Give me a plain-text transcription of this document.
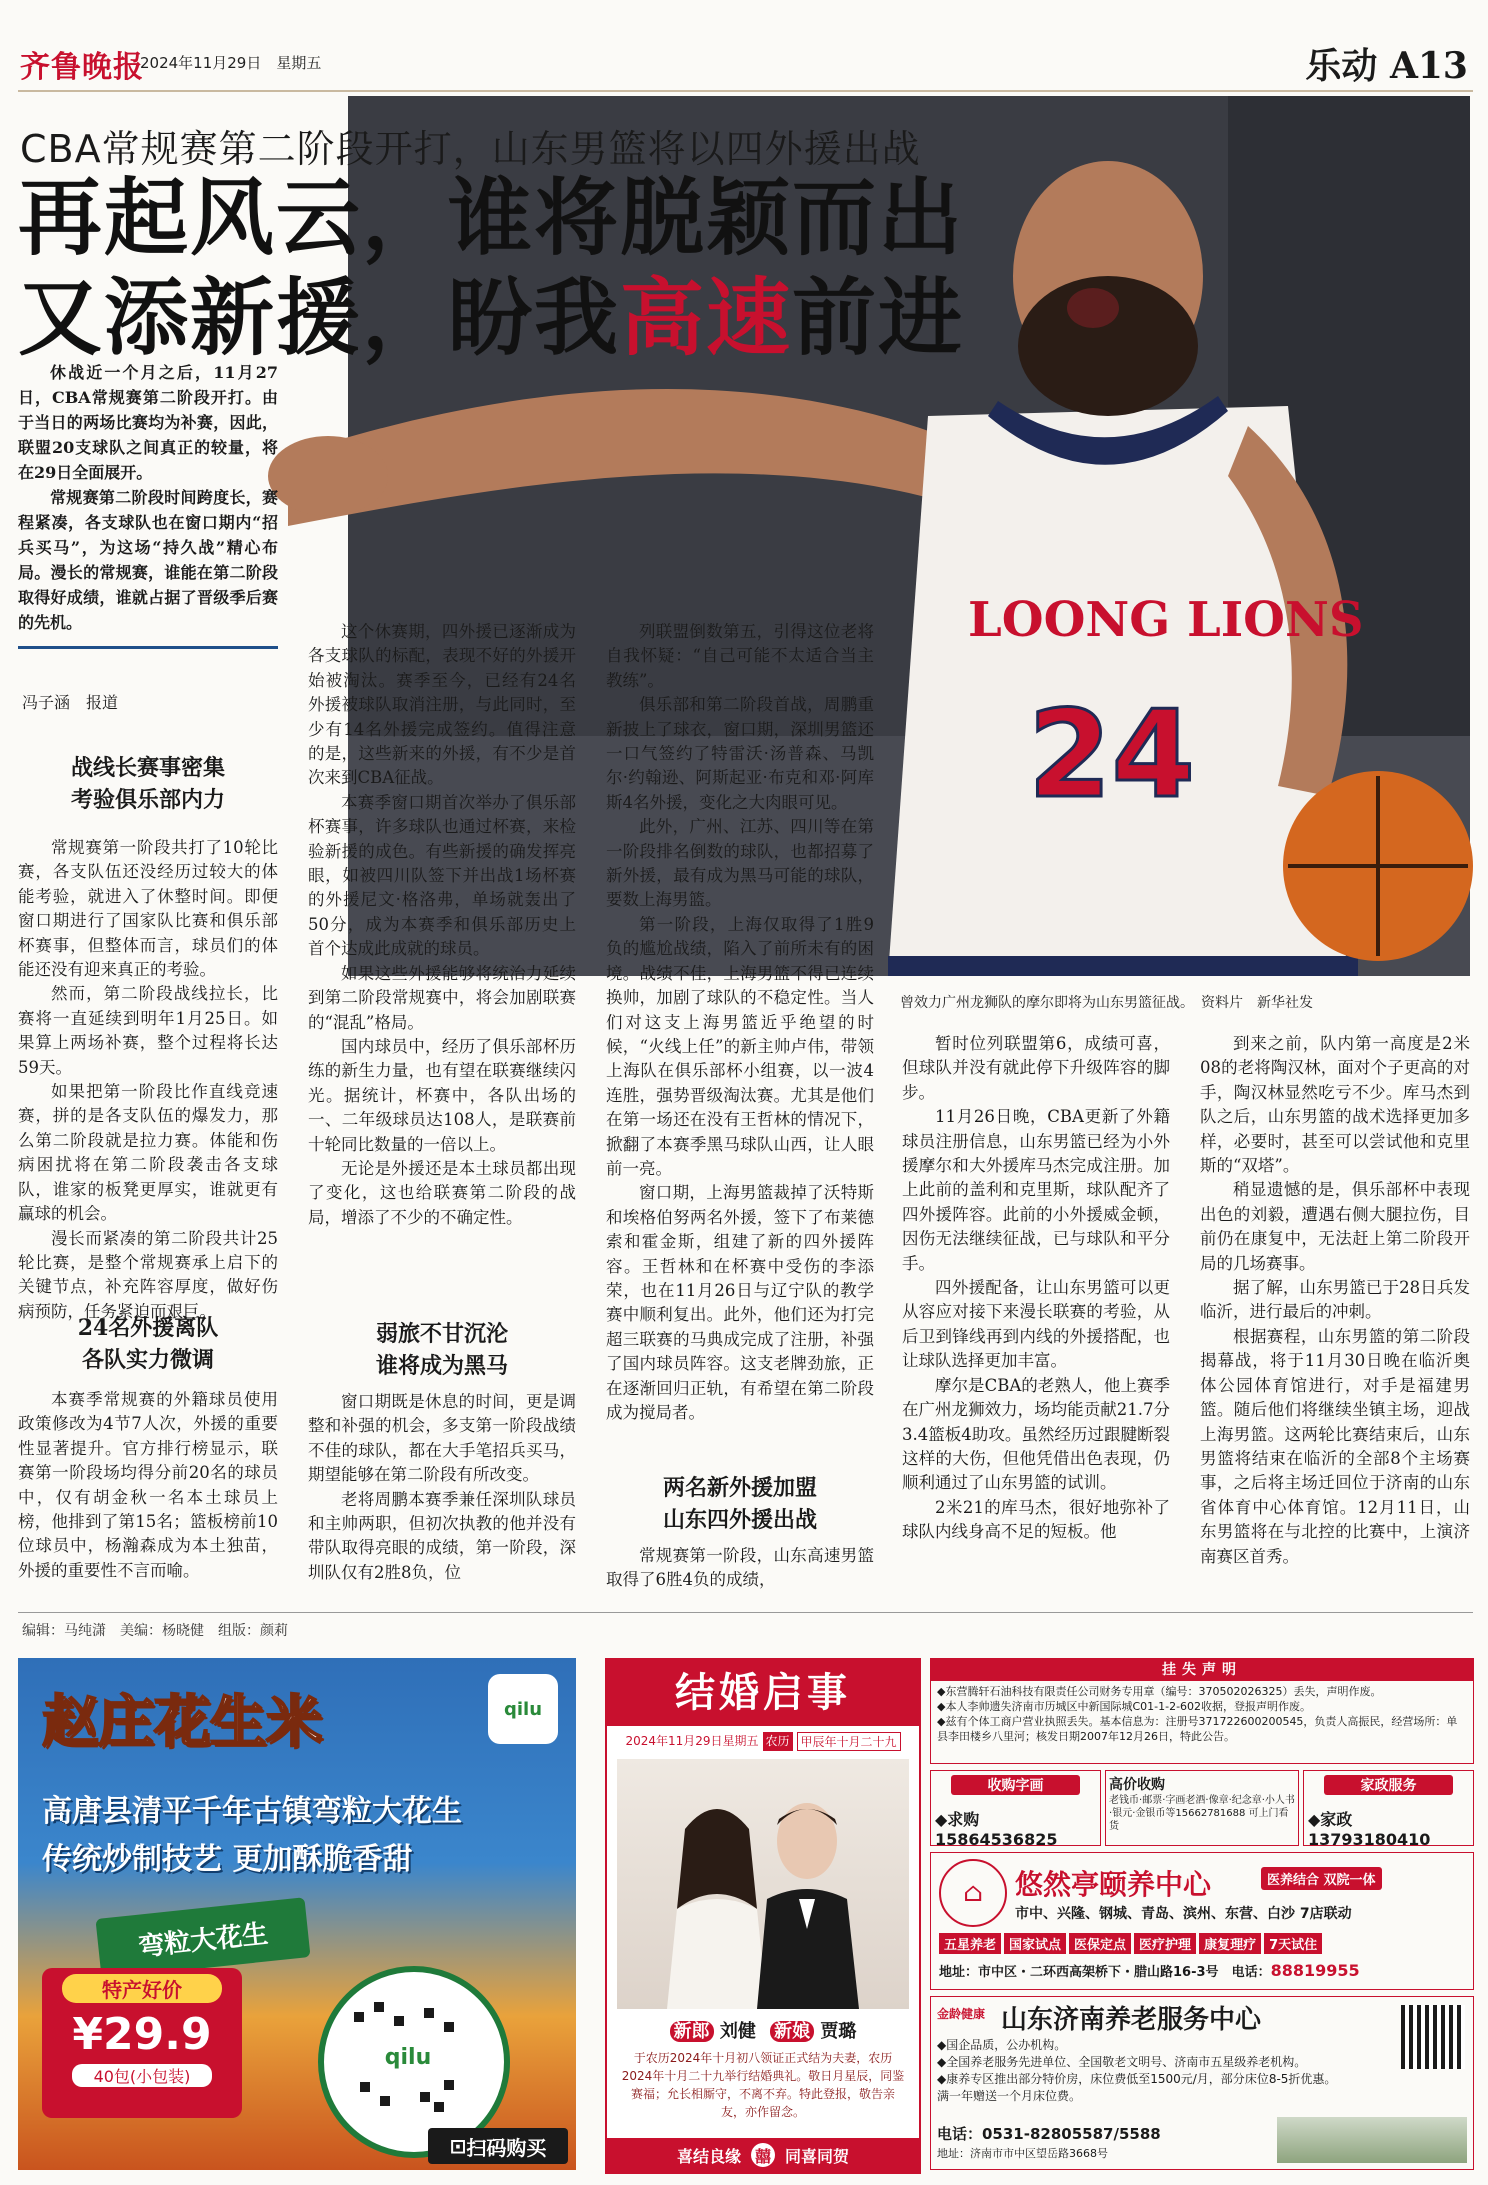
齐鲁晚报
2024年11月29日　 星期五	乐动 A13
LOONG LIONS
24
曾效力广州龙狮队的摩尔即将为山东男篮征战。　资料片　新华社发
CBA常规赛第二阶段开打，山东男篮将以四外援出战
再起风云，谁将脱颖而出
又添新援，盼我高速前进

休战近一个月之后，11月27日，CBA常规赛第二阶段开打。由于当日的两场比赛均为补赛，因此，联盟20支球队之间真正的较量，将在29日全面展开。

常规赛第二阶段时间跨度长，赛程紧凑，各支球队也在窗口期内“招兵买马”，为这场“持久战”精心布局。漫长的常规赛，谁能在第二阶段取得好成绩，谁就占据了晋级季后赛的先机。

冯子涵　报道
战线长赛事密集
考验俱乐部内力

常规赛第一阶段共打了10轮比赛，各支队伍还没经历过较大的体能考验，就进入了休整时间。即便窗口期进行了国家队比赛和俱乐部杯赛事，但整体而言，球员们的体能还没有迎来真正的考验。

然而，第二阶段战线拉长，比赛将一直延续到明年1月25日。如果算上两场补赛，整个过程将长达59天。

如果把第一阶段比作直线竞速赛，拼的是各支队伍的爆发力，那么第二阶段就是拉力赛。体能和伤病困扰将在第二阶段袭击各支球队，谁家的板凳更厚实，谁就更有赢球的机会。

漫长而紧凑的第二阶段共计25轮比赛，是整个常规赛承上启下的关键节点，补充阵容厚度，做好伤病预防，任务紧迫而艰巨。

24名外援离队
各队实力微调

本赛季常规赛的外籍球员使用政策修改为4节7人次，外援的重要性显著提升。官方排行榜显示，联赛第一阶段场均得分前20名的球员中，仅有胡金秋一名本土球员上榜，他排到了第15名；篮板榜前10位球员中，杨瀚森成为本土独苗，外援的重要性不言而喻。

这个休赛期，四外援已逐渐成为各支球队的标配，表现不好的外援开始被淘汰。赛季至今，已经有24名外援被球队取消注册，与此同时，至少有14名外援完成签约。值得注意的是，这些新来的外援，有不少是首次来到CBA征战。

本赛季窗口期首次举办了俱乐部杯赛事，许多球队也通过杯赛，来检验新援的成色。有些新援的确发挥亮眼，如被四川队签下并出战1场杯赛的外援尼文·格洛弗，单场就轰出了50分，成为本赛季和俱乐部历史上首个达成此成就的球员。

如果这些外援能够将统治力延续到第二阶段常规赛中，将会加剧联赛的“混乱”格局。

国内球员中，经历了俱乐部杯历练的新生力量，也有望在联赛继续闪光。据统计，杯赛中，各队出场的一、二年级球员达108人，是联赛前十轮同比数量的一倍以上。

无论是外援还是本土球员都出现了变化，这也给联赛第二阶段的战局，增添了不少的不确定性。

弱旅不甘沉沦
谁将成为黑马

窗口期既是休息的时间，更是调整和补强的机会，多支第一阶段战绩不佳的球队，都在大手笔招兵买马，期望能够在第二阶段有所改变。

老将周鹏本赛季兼任深圳队球员和主帅两职，但初次执教的他并没有带队取得亮眼的成绩，第一阶段，深圳队仅有2胜8负，位

列联盟倒数第五，引得这位老将自我怀疑：“自己可能不太适合当主教练”。

俱乐部和第二阶段首战，周鹏重新披上了球衣，窗口期，深圳男篮还一口气签约了特雷沃·汤普森、马凯尔·约翰逊、阿斯起亚·布克和邓·阿库斯4名外援，变化之大肉眼可见。

此外，广州、江苏、四川等在第一阶段排名倒数的球队，也都招募了新外援，最有成为黑马可能的球队，要数上海男篮。

第一阶段，上海仅取得了1胜9负的尴尬战绩，陷入了前所未有的困境。战绩不佳，上海男篮不得已连续换帅，加剧了球队的不稳定性。当人们对这支上海男篮近乎绝望的时候，“火线上任”的新主帅卢伟，带领上海队在俱乐部杯小组赛，以一波4连胜，强势晋级淘汰赛。尤其是他们在第一场还在没有王哲林的情况下，掀翻了本赛季黑马球队山西，让人眼前一亮。

窗口期，上海男篮裁掉了沃特斯和埃格伯努两名外援，签下了布莱德索和霍金斯，组建了新的四外援阵容。王哲林和在杯赛中受伤的李添荣，也在11月26日与辽宁队的教学赛中顺利复出。此外，他们还为打完超三联赛的马典成完成了注册，补强了国内球员阵容。这支老牌劲旅，正在逐渐回归正轨，有希望在第二阶段成为搅局者。

两名新外援加盟
山东四外援出战

常规赛第一阶段，山东高速男篮取得了6胜4负的成绩，

暂时位列联盟第6，成绩可喜，但球队并没有就此停下升级阵容的脚步。

11月26日晚，CBA更新了外籍球员注册信息，山东男篮已经为小外援摩尔和大外援库马杰完成注册。加上此前的盖利和克里斯，球队配齐了四外援阵容。此前的小外援威金顿，因伤无法继续征战，已与球队和平分手。

四外援配备，让山东男篮可以更从容应对接下来漫长联赛的考验，从后卫到锋线再到内线的外援搭配，也让球队选择更加丰富。

摩尔是CBA的老熟人，他上赛季在广州龙狮效力，场均能贡献21.7分3.4篮板4助攻。虽然经历过跟腱断裂这样的大伤，但他凭借出色表现，仍顺利通过了山东男篮的试训。

2米21的库马杰，很好地弥补了球队内线身高不足的短板。他

到来之前，队内第一高度是2米08的老将陶汉林，面对个子更高的对手，陶汉林显然吃亏不少。库马杰到队之后，山东男篮的战术选择更加多样，必要时，甚至可以尝试他和克里斯的“双塔”。

稍显遗憾的是，俱乐部杯中表现出色的刘毅，遭遇右侧大腿拉伤，目前仍在康复中，无法赶上第二阶段开局的几场赛事。

据了解，山东男篮已于28日兵发临沂，进行最后的冲刺。

根据赛程，山东男篮的第二阶段揭幕战，将于11月30日晚在临沂奥体公园体育馆进行，对手是福建男篮。随后他们将继续坐镇主场，迎战上海男篮。这两轮比赛结束后，山东男篮将结束在临沂的全部8个主场赛事，之后将主场迁回位于济南的山东省体育中心体育馆。12月11日，山东男篮将在与北控的比赛中，上演济南赛区首秀。

编辑：马纯潇　美编：杨晓健　组版：颜莉
赵庄花生米	qilu
高唐县清平千年古镇弯粒大花生
传统炒制技艺 更加酥脆香甜
弯粒大花生
特产好价
¥29.9
40包(小包装)
qilu
⊡ 扫码购买
结婚启事
2024年11月29日星期五 农历 甲辰年十月二十九
新郎 刘健 新娘 贾璐
于农历2024年十月初八领证正式结为夫妻，农历2024年十月二十九举行结婚典礼。敬日月星辰，同鉴赛福；允长相厮守，不离不弃。特此登报，敬告亲友，亦作留念。
喜结良缘 囍 同喜同贺
挂失声明
◆东营腾轩石油科技有限责任公司财务专用章（编号：370502026325）丢失，声明作废。
◆本人李帅遗失济南市历城区中新国际城C01-1-2-602收据，登报声明作废。
◆兹有个体工商户营业执照丢失。基本信息为：注册号371722600200545，负责人高振民，经营场所：单县李田楼乡八里河；核发日期2007年12月26日，特此公告。
收购字画
◆求购15864536825
高价收购
老钱币·邮票·字画老酒·像章·纪念章·小人书·银元·金银币等15662781688 可上门看货
家政服务
◆家政13793180410
⌂	悠然亭颐养中心	医养结合 双院一体
市中、兴隆、钢城、青岛、滨州、东营、白沙 7店联动
五星养老	国家试点	医保定点	医疗护理	康复理疗	7天试住
地址：市中区・二环西高架桥下・腊山路16-3号　 电话：88819955
金龄健康 山东济南养老服务中心
◆国企品质，公办机构。
◆全国养老服务先进单位、全国敬老文明号、济南市五星级养老机构。
◆康养专区推出部分特价房，床位费低至1500元/月，部分床位8-5折优惠。
满一年赠送一个月床位费。
电话：0531-82805587/5588
地址：济南市市中区望岳路3668号
